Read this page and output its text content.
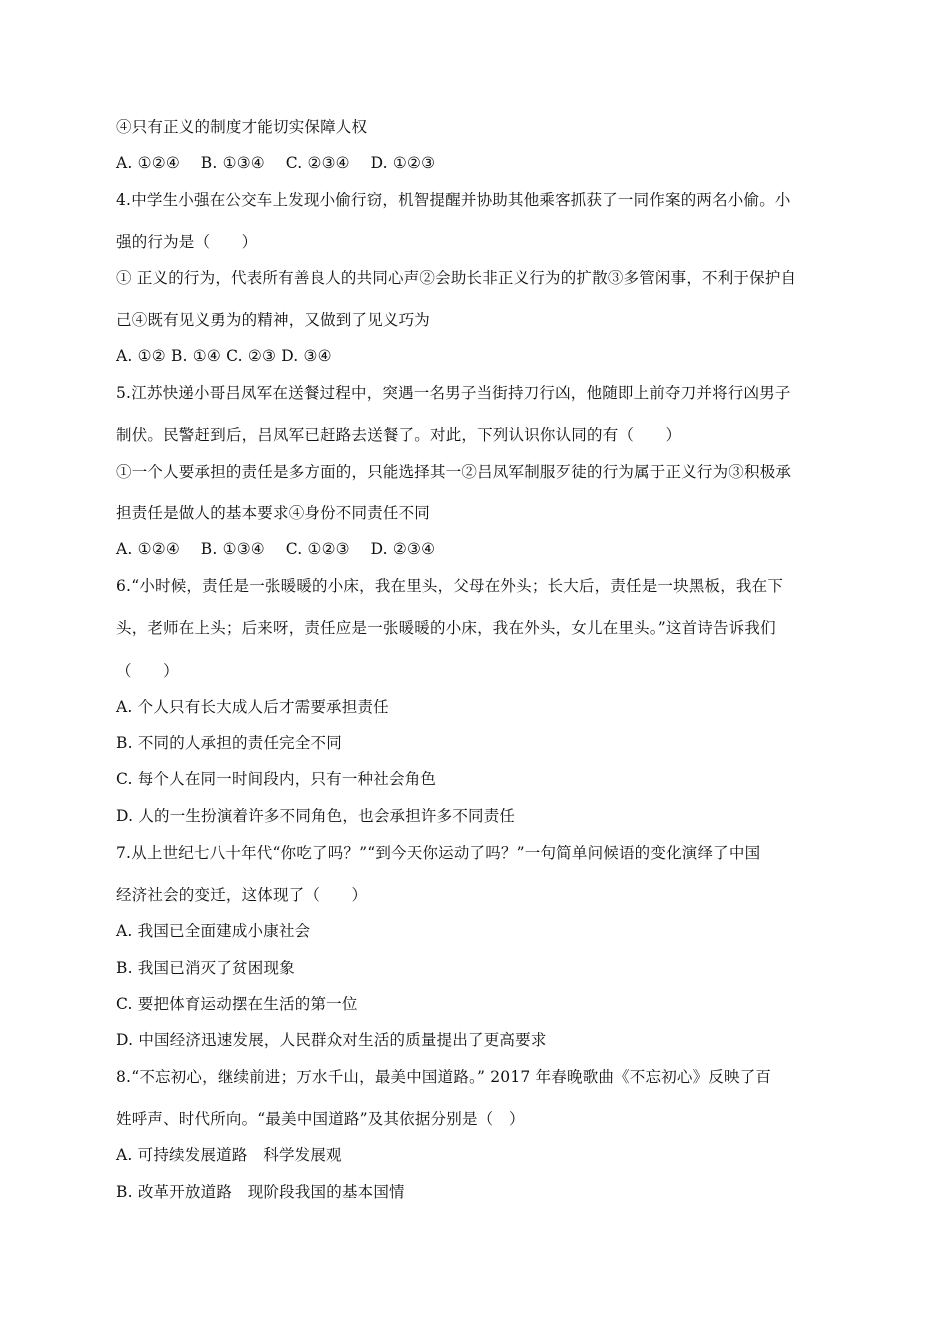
④只有正义的制度才能切实保障人权
A. ①②④　 B. ①③④　 C. ②③④　 D. ①②③
4.中学生小强在公交车上发现小偷行窃，机智提醒并协助其他乘客抓获了一同作案的两名小偷。小
强的行为是（　　）
① 正义的行为，代表所有善良人的共同心声②会助长非正义行为的扩散③多管闲事，不利于保护自
己④既有见义勇为的精神，又做到了见义巧为
A. ①② B. ①④ C. ②③ D. ③④
5.江苏快递小哥吕凤军在送餐过程中，突遇一名男子当街持刀行凶，他随即上前夺刀并将行凶男子
制伏。民警赶到后，吕凤军已赶路去送餐了。对此，下列认识你认同的有（　　）
①一个人要承担的责任是多方面的，只能选择其一②吕凤军制服歹徒的行为属于正义行为③积极承
担责任是做人的基本要求④身份不同责任不同
A. ①②④　 B. ①③④　 C. ①②③　 D. ②③④
6.“小时候，责任是一张暖暖的小床，我在里头，父母在外头；长大后，责任是一块黑板，我在下
头，老师在上头；后来呀，责任应是一张暖暖的小床，我在外头，女儿在里头。”这首诗告诉我们
（　　）
A. 个人只有长大成人后才需要承担责任
B. 不同的人承担的责任完全不同
C. 每个人在同一时间段内，只有一种社会角色
D. 人的一生扮演着许多不同角色，也会承担许多不同责任
7.从上世纪七八十年代“你吃了吗？”“到今天你运动了吗？”一句简单问候语的变化演绎了中国
经济社会的变迁，这体现了（　　）
A. 我国已全面建成小康社会
B. 我国已消灭了贫困现象
C. 要把体育运动摆在生活的第一位
D. 中国经济迅速发展，人民群众对生活的质量提出了更高要求
8.“不忘初心，继续前进；万水千山，最美中国道路。” 2017 年春晚歌曲《不忘初心》反映了百
姓呼声、时代所向。“最美中国道路”及其依据分别是（　）
A. 可持续发展道路　科学发展观
B. 改革开放道路　现阶段我国的基本国情
